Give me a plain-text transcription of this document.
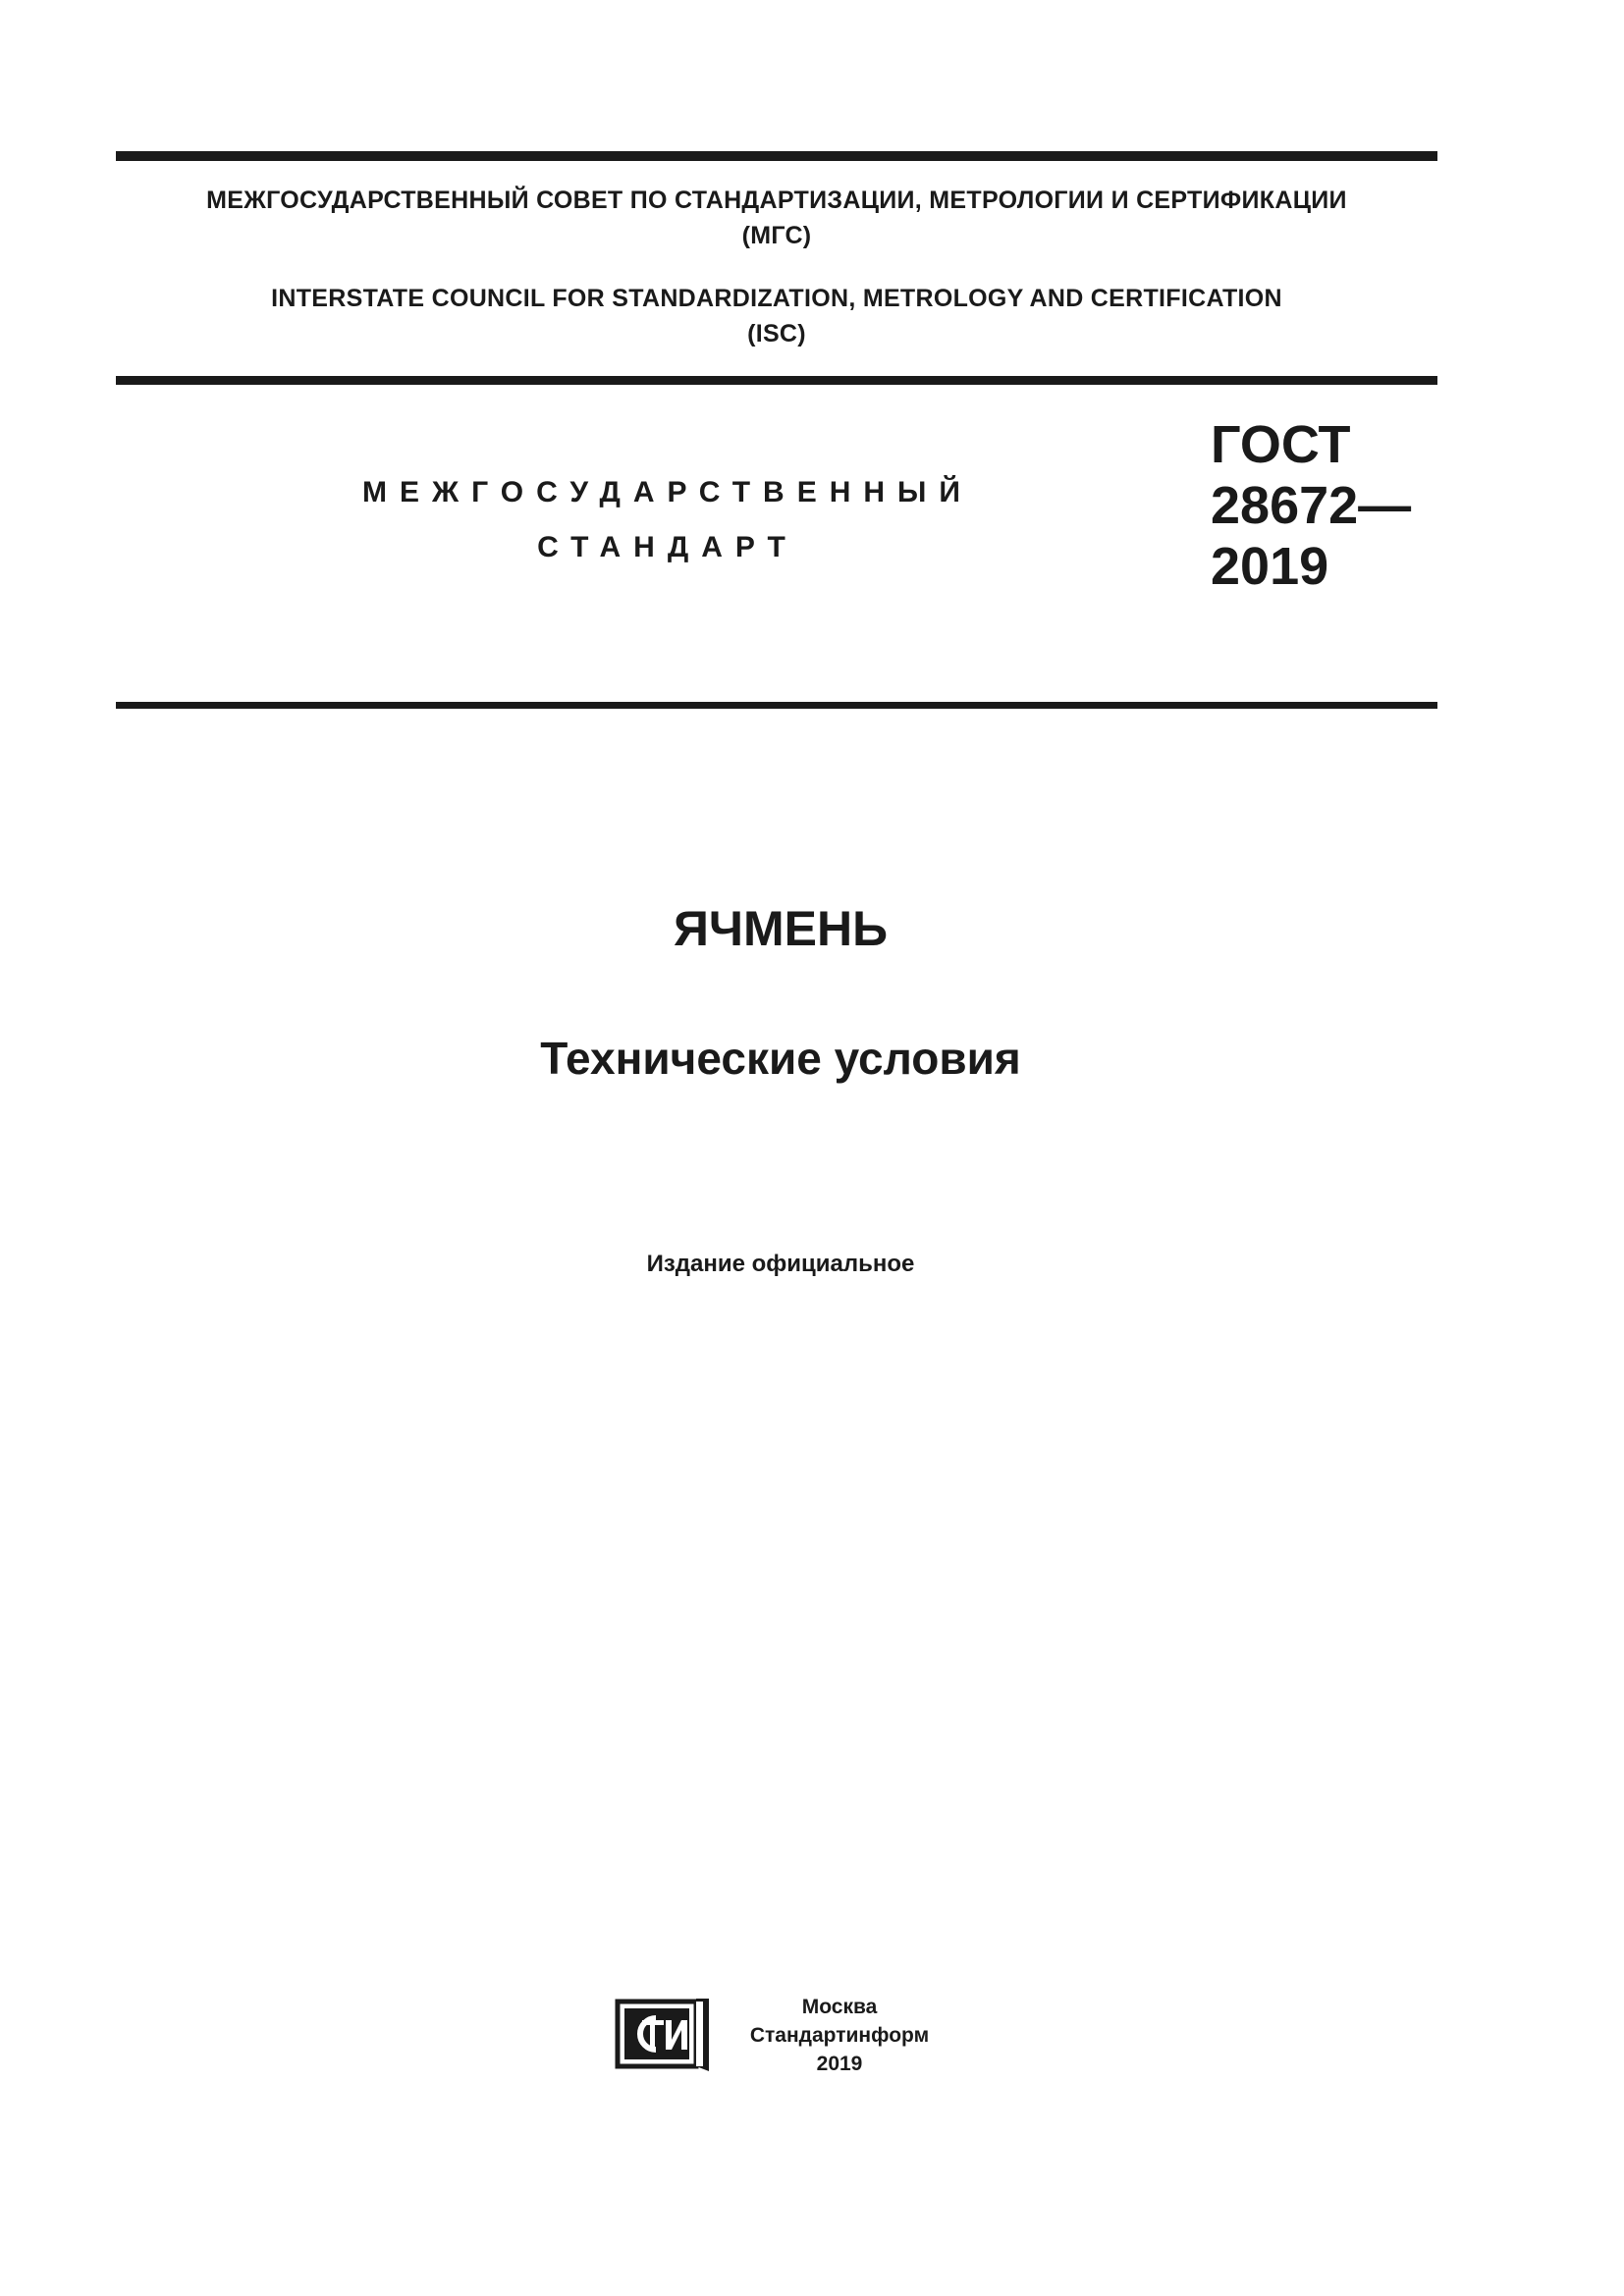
МЕЖГОСУДАРСТВЕННЫЙ СОВЕТ ПО СТАНДАРТИЗАЦИИ, МЕТРОЛОГИИ И СЕРТИФИКАЦИИ
(МГС)
INTERSTATE COUNCIL FOR STANDARDIZATION, METROLOGY AND CERTIFICATION
(ISC)
МЕЖГОСУДАРСТВЕННЫЙ
СТАНДАРТ
ГОСТ
28672—
2019
ЯЧМЕНЬ
Технические условия
Издание официальное
Москва
Стандартинформ
2019
